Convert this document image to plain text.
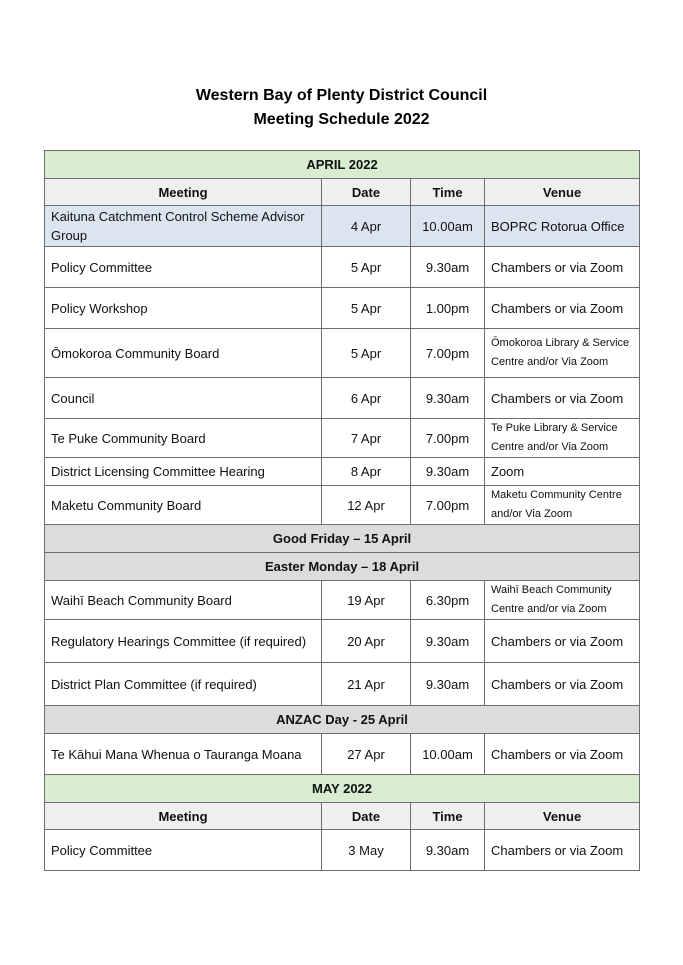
Western Bay of Plenty District Council
Meeting Schedule 2022
APRIL 2022			
Meeting	Date	Time	Venue
Kaituna Catchment Control Scheme Advisor Group	4 Apr	10.00am	BOPRC Rotorua Office
Policy Committee	5 Apr	9.30am	Chambers or via Zoom
Policy Workshop	5 Apr	1.00pm	Chambers or via Zoom
Ōmokoroa Community Board	5 Apr	7.00pm	Ōmokoroa Library & Service Centre and/or Via Zoom
Council	6 Apr	9.30am	Chambers or via Zoom
Te Puke Community Board	7 Apr	7.00pm	Te Puke Library & Service Centre and/or Via Zoom
District Licensing Committee Hearing	8 Apr	9.30am	Zoom
Maketu Community Board	12 Apr	7.00pm	Maketu Community Centre and/or Via Zoom
Good Friday – 15 April			
Easter Monday – 18 April			
Waihī Beach Community Board	19 Apr	6.30pm	Waihī Beach Community Centre and/or via Zoom
Regulatory Hearings Committee (if required)	20 Apr	9.30am	Chambers or via Zoom
District Plan Committee (if required)	21 Apr	9.30am	Chambers or via Zoom
ANZAC Day - 25 April			
Te Kāhui Mana Whenua o Tauranga Moana	27 Apr	10.00am	Chambers or via Zoom
MAY 2022			
Meeting	Date	Time	Venue
Policy Committee	3 May	9.30am	Chambers or via Zoom
